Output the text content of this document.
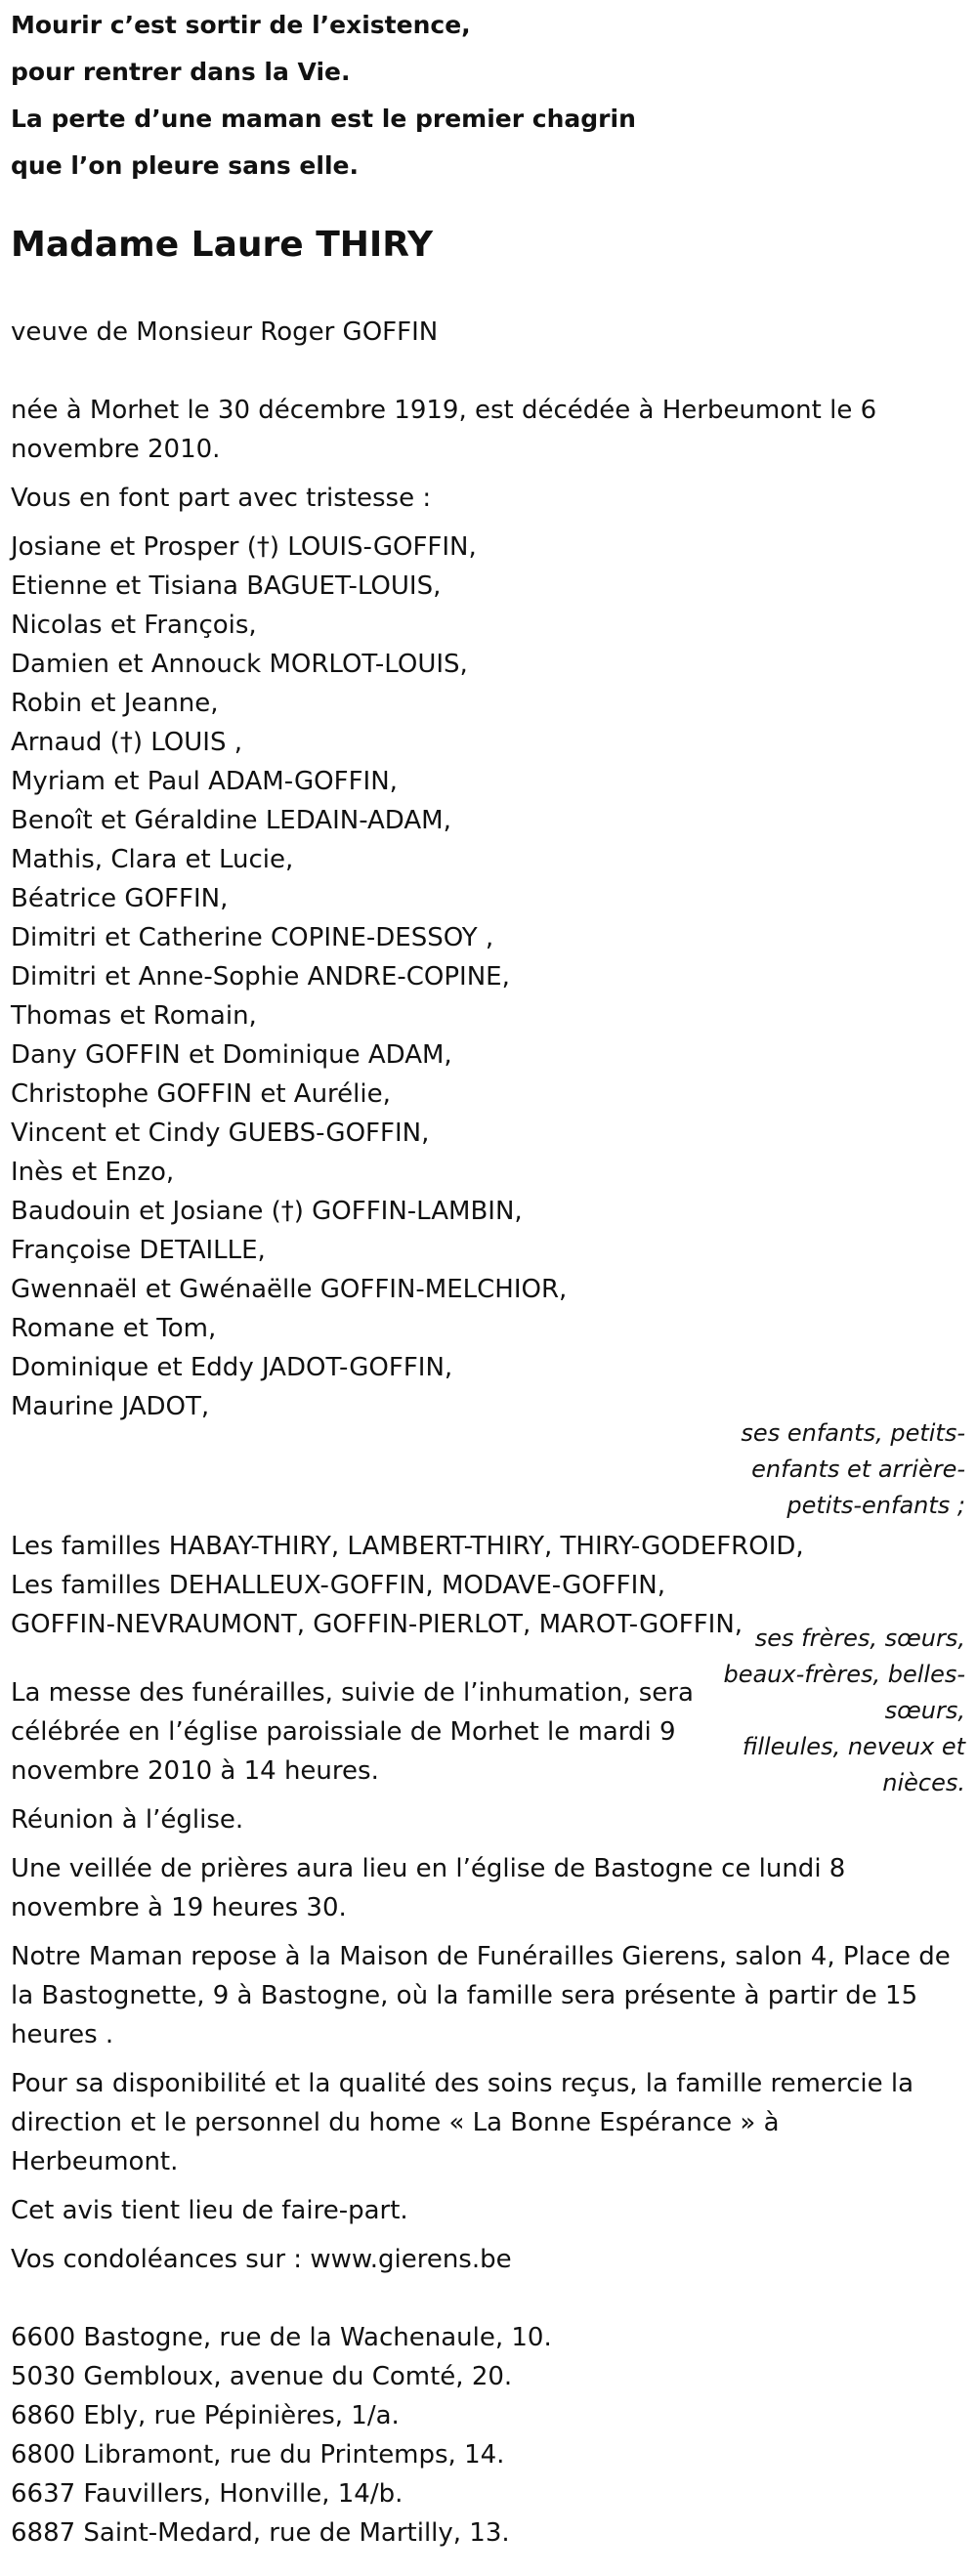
Mourir c’est sortir de l’existence,
pour rentrer dans la Vie.
La perte d’une maman est le premier chagrin
que l’on pleure sans elle.
Madame Laure THIRY
veuve de Monsieur Roger GOFFIN
née à Morhet le 30 décembre 1919, est décédée à Herbeumont le 6
novembre 2010.
Vous en font part avec tristesse :
Josiane et Prosper (†) LOUIS-GOFFIN,
Etienne et Tisiana BAGUET-LOUIS,
Nicolas et François,
Damien et Annouck MORLOT-LOUIS,
Robin et Jeanne,
Arnaud (†) LOUIS ,
Myriam et Paul ADAM-GOFFIN,
Benoît et Géraldine LEDAIN-ADAM,
Mathis, Clara et Lucie,
Béatrice GOFFIN,
Dimitri et Catherine COPINE-DESSOY ,
Dimitri et Anne-Sophie ANDRE-COPINE,
Thomas et Romain,
Dany GOFFIN et Dominique ADAM,
Christophe GOFFIN et Aurélie,
Vincent et Cindy GUEBS-GOFFIN,
Inès et Enzo,
Baudouin et Josiane (†) GOFFIN-LAMBIN,
Françoise DETAILLE,
Gwennaël et Gwénaëlle GOFFIN-MELCHIOR,
Romane et Tom,
Dominique et Eddy JADOT-GOFFIN,
Maurine JADOT,
ses enfants, petits-
enfants et arrière-
petits-enfants ;
Les familles HABAY-THIRY, LAMBERT-THIRY, THIRY-GODEFROID,
Les familles DEHALLEUX-GOFFIN, MODAVE-GOFFIN,
GOFFIN-NEVRAUMONT, GOFFIN-PIERLOT, MAROT-GOFFIN, ses frères, sœurs,
beaux-frères, belles-
sœurs,
filleules, neveux et
nièces.
La messe des funérailles, suivie de l’inhumation, sera
célébrée en l’église paroissiale de Morhet le mardi 9
novembre 2010 à 14 heures.
Réunion à l’église.
Une veillée de prières aura lieu en l’église de Bastogne ce lundi 8
novembre à 19 heures 30.
Notre Maman repose à la Maison de Funérailles Gierens, salon 4, Place de
la Bastognette, 9 à Bastogne, où la famille sera présente à partir de 15
heures .
Pour sa disponibilité et la qualité des soins reçus, la famille remercie la
direction et le personnel du home « La Bonne Espérance » à
Herbeumont.
Cet avis tient lieu de faire-part.
Vos condoléances sur : www.gierens.be
6600 Bastogne, rue de la Wachenaule, 10.
5030 Gembloux, avenue du Comté, 20.
6860 Ebly, rue Pépinières, 1/a.
6800 Libramont, rue du Printemps, 14.
6637 Fauvillers, Honville, 14/b.
6887 Saint-Medard, rue de Martilly, 13.
